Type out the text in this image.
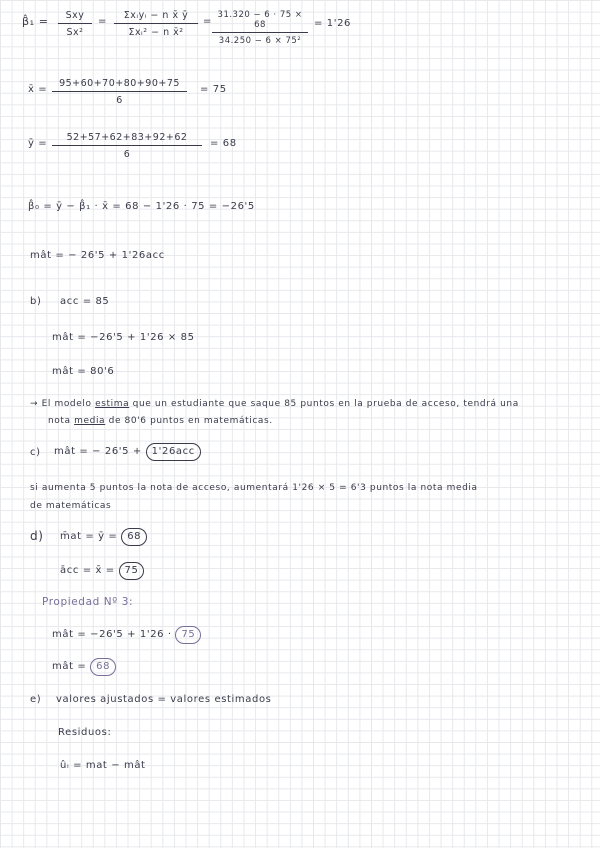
β̂₁ =	Sxy
Sx²
=
Σxᵢyᵢ − n x̄ ȳ
Σxᵢ² − n x̄²
= $\frac{31.320 - 6 \cdot 75 \times 68}{\text{34.250 − 6 × 75²}} = 1'26$
x̄ = $\frac{95+60+70+80+90+75}{6} = 75$
ȳ = $\frac{52+57+62+83+92+62}{6} = 68$
β̂₀ = ȳ − β̂₁ · x̄ = 68 − 1'26 · 75 = −26'5
mât = − 26'5 + 1'26acc
b) acc = 85
mât = −26'5 + 1'26 × 85
mât = 80'6
→ El modelo estima que un estudiante que saque 85 puntos en la prueba de acceso, tendrá una
nota media de 80'6 puntos en matemáticas.
c) mât = − 26'5 + 1'26acc
si aumenta 5 puntos la nota de acceso, aumentará 1'26 × 5 = 6'3 puntos la nota media
de matemáticas
d) m̄at = ȳ = 68
ācc = x̄ = 75
Propiedad Nº 3:
mât = −26'5 + 1'26 · 75
mât = 68
e) valores ajustados = valores estimados
Residuos:
ûᵢ = mat − mât
